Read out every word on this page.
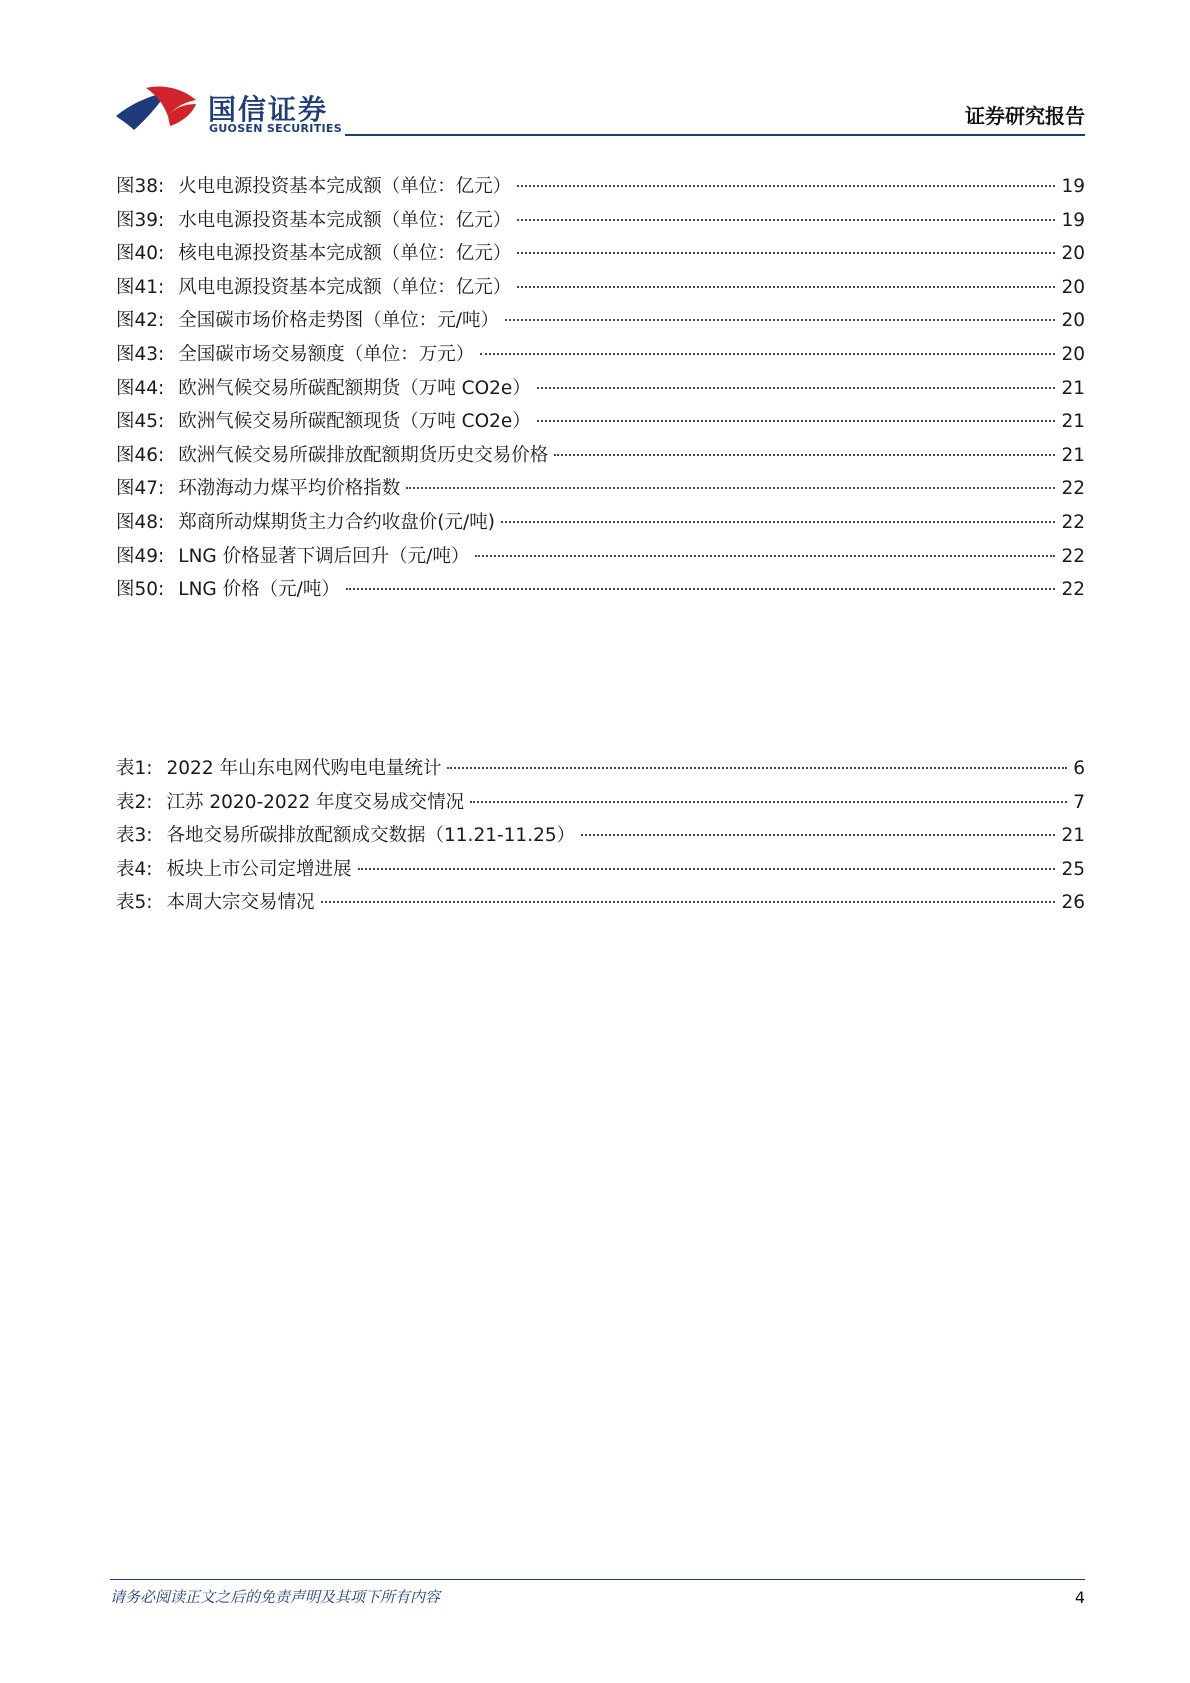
国信证券
GUOSEN SECURITIES
证券研究报告
图38: 火电电源投资基本完成额（单位：亿元）	19
图39: 水电电源投资基本完成额（单位：亿元）	19
图40: 核电电源投资基本完成额（单位：亿元）	20
图41: 风电电源投资基本完成额（单位：亿元）	20
图42: 全国碳市场价格走势图（单位：元/吨）	20
图43: 全国碳市场交易额度（单位：万元）	20
图44: 欧洲气候交易所碳配额期货（万吨 CO2e）	21
图45: 欧洲气候交易所碳配额现货（万吨 CO2e）	21
图46: 欧洲气候交易所碳排放配额期货历史交易价格	21
图47: 环渤海动力煤平均价格指数	22
图48: 郑商所动煤期货主力合约收盘价(元/吨)	22
图49: LNG 价格显著下调后回升（元/吨）	22
图50: LNG 价格（元/吨）	22
表1: 2022 年山东电网代购电电量统计	6
表2: 江苏 2020-2022 年度交易成交情况	7
表3: 各地交易所碳排放配额成交数据（11.21-11.25）	21
表4: 板块上市公司定增进展	25
表5: 本周大宗交易情况	26
请务必阅读正文之后的免责声明及其项下所有内容	4
